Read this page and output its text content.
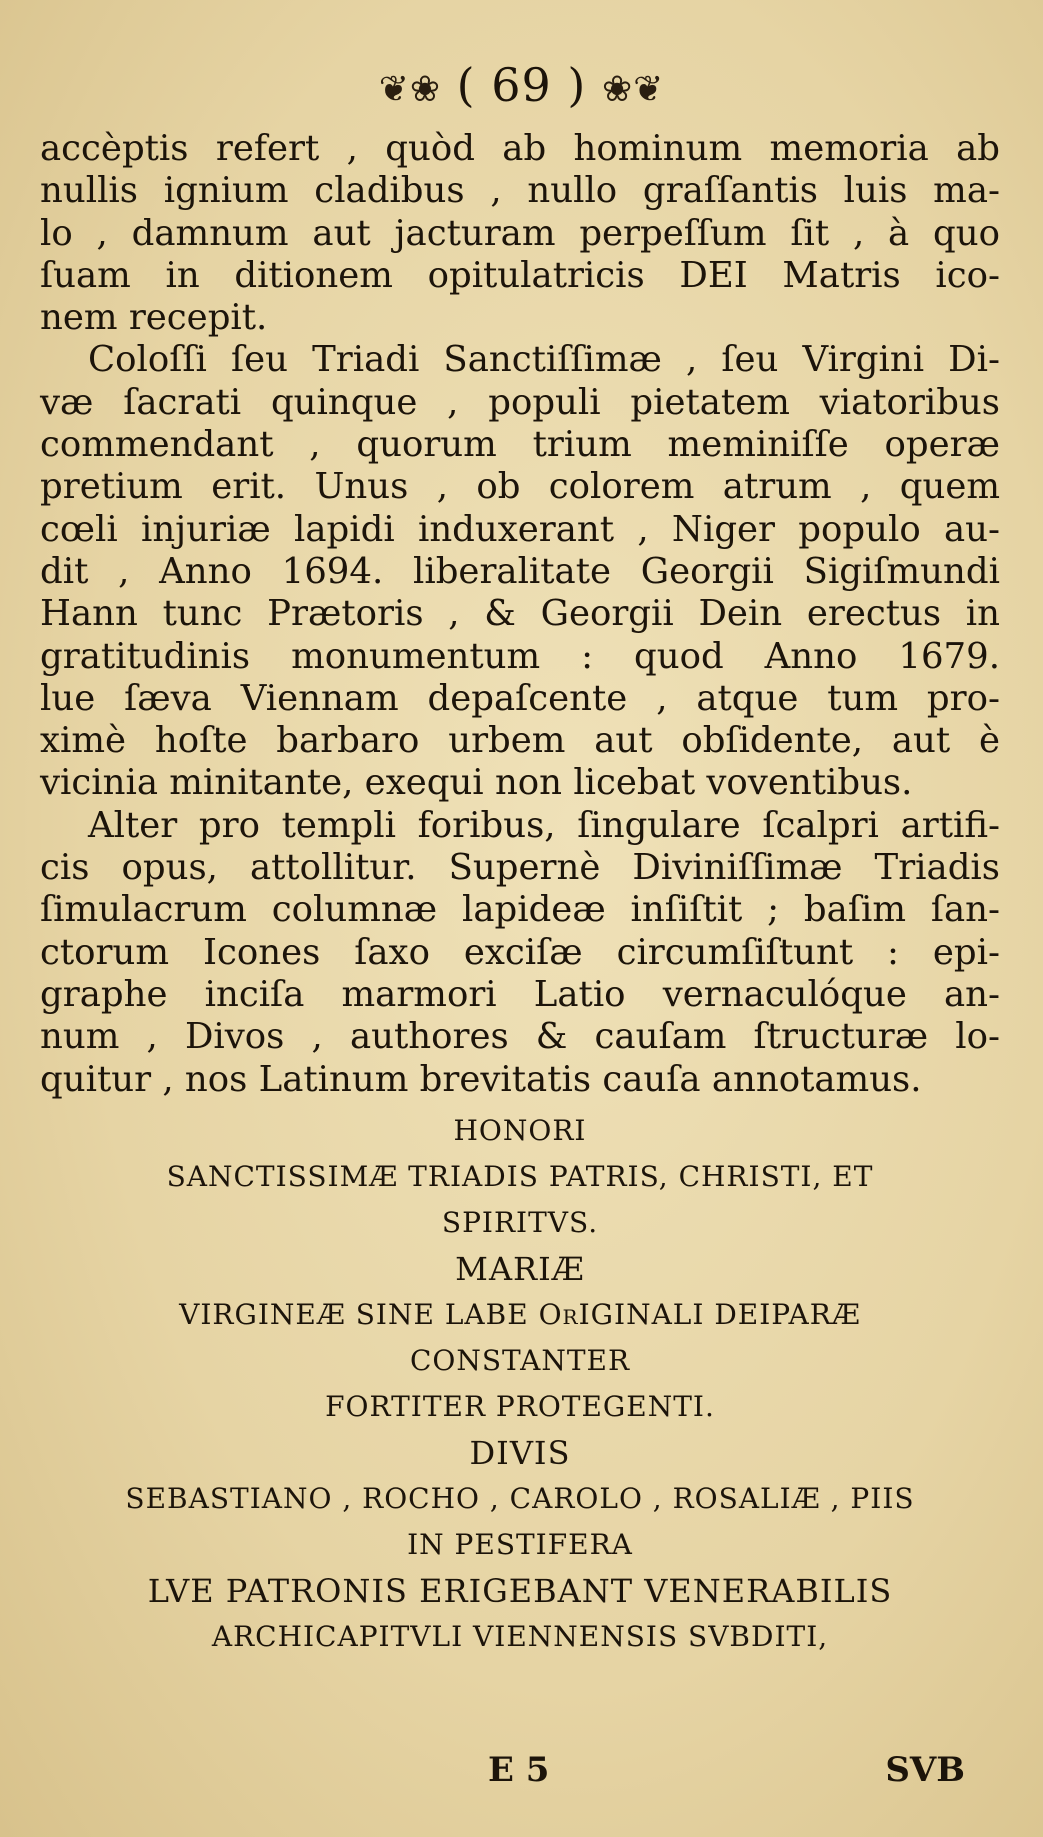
❦❀ ( 69 ) ❀❦
accèptis refert , quòd ab hominum memoria ab
nullis ignium cladibus , nullo graſſantis luis ma-
lo , damnum aut jacturam perpeſſum ſit , à quo
ſuam in ditionem opitulatricis DEI Matris ico-
nem recepit.
Coloſſi ſeu Triadi Sanctiſſimæ , ſeu Virgini Di-
væ ſacrati quinque , populi pietatem viatoribus
commendant , quorum trium meminiſſe operæ
pretium erit. Unus , ob colorem atrum , quem
cœli injuriæ lapidi induxerant , Niger populo au-
dit , Anno 1694. liberalitate Georgii Sigiſmundi
Hann tunc Prætoris , & Georgii Dein erectus in
gratitudinis monumentum : quod Anno 1679.
lue ſæva Viennam depaſcente , atque tum pro-
ximè hoſte barbaro urbem aut obſidente, aut è
vicinia minitante, exequi non licebat voventibus.
Alter pro templi foribus, ſingulare ſcalpri artifi-
cis opus, attollitur. Supernè Diviniſſimæ Triadis
ſimulacrum columnæ lapideæ inſiſtit ; baſim ſan-
ctorum Icones ſaxo exciſæ circumſiſtunt : epi-
graphe inciſa marmori Latio vernaculóque an-
num , Divos , authores & cauſam ſtructuræ lo-
quitur , nos Latinum brevitatis cauſa annotamus.
HONORI
SANCTISSIMÆ TRIADIS PATRIS, CHRISTI, ET
SPIRITVS.
MARIÆ
VIRGINEÆ SINE LABE OrIGINALI DEIPARÆ
CONSTANTER
FORTITER PROTEGENTI.
DIVIS
SEBASTIANO , ROCHO , CAROLO , ROSALIÆ , PIIS
IN PESTIFERA
LVE PATRONIS ERIGEBANT VENERABILIS
ARCHICAPITVLI VIENNENSIS SVBDITI,
E 5	SVB
